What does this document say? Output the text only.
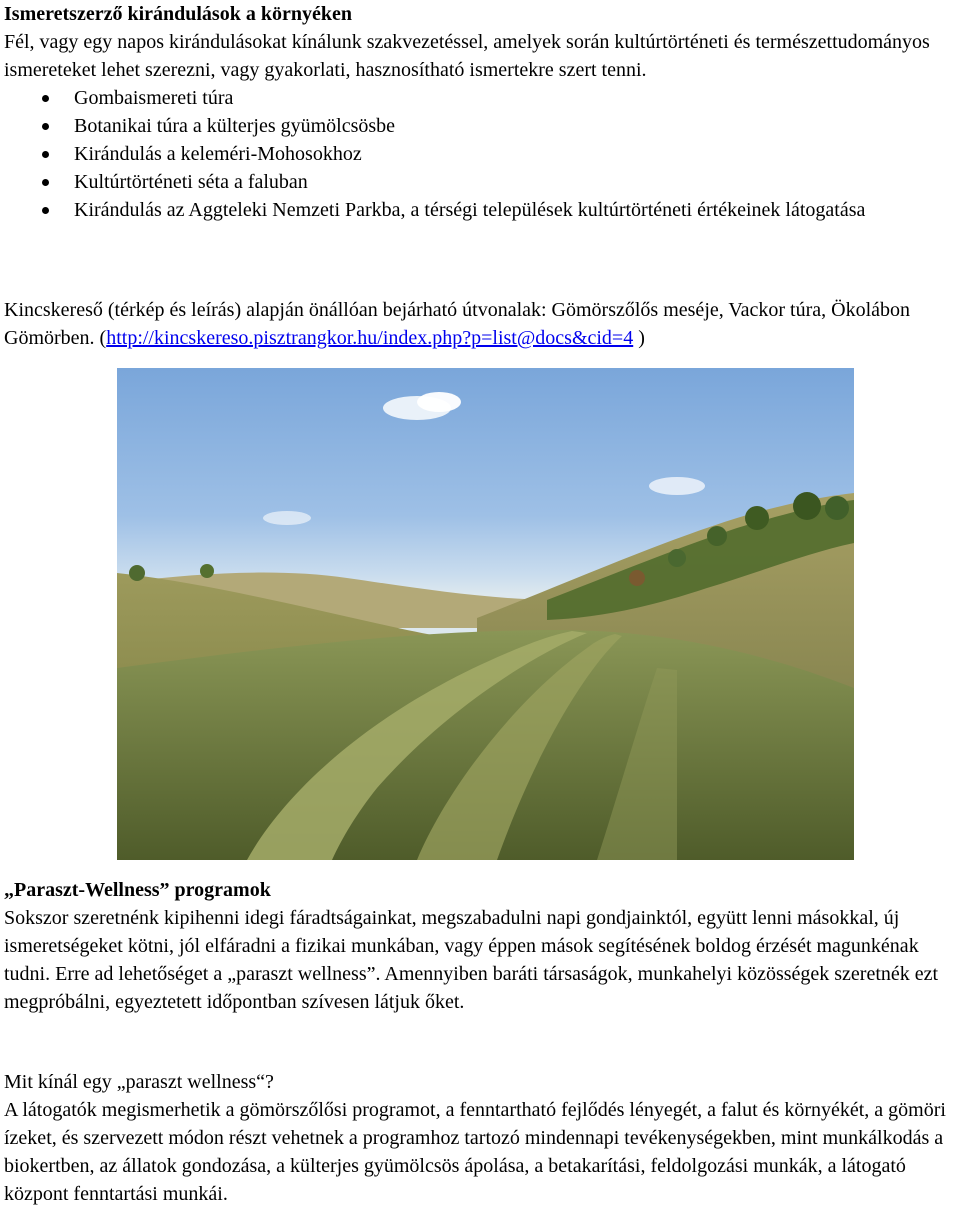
Ismeretszerző kirándulások a környéken

Fél, vagy egy napos kirándulásokat kínálunk szakvezetéssel, amelyek során kultúrtörténeti és természettudományos ismereteket lehet szerezni, vagy gyakorlati, hasznosítható ismertekre szert tenni.

Gombaismereti túra
Botanikai túra a külterjes gyümölcsösbe
Kirándulás a keleméri-Mohosokhoz
Kultúrtörténeti séta a faluban
Kirándulás az Aggteleki Nemzeti Parkba, a térségi települések kultúrtörténeti értékeinek látogatása

Kincskereső (térkép és leírás) alapján önállóan bejárható útvonalak: Gömörszőlős meséje, Vackor túra, Ökolábon Gömörben. (http://kincskereso.pisztrangkor.hu/index.php?p=list@docs&cid=4 )

„Paraszt-Wellness” programok

Sokszor szeretnénk kipihenni idegi fáradtságainkat, megszabadulni napi gondjainktól, együtt lenni másokkal, új ismeretségeket kötni, jól elfáradni a fizikai munkában, vagy éppen mások segítésének boldog érzését magunkénak tudni. Erre ad lehetőséget a „paraszt wellness”. Amennyiben baráti társaságok, munkahelyi közösségek szeretnék ezt megpróbálni, egyeztetett időpontban szívesen látjuk őket.

Mit kínál egy „paraszt wellness“?

A látogatók megismerhetik a gömörszőlősi programot, a fenntartható fejlődés lényegét, a falut és környékét, a gömöri ízeket, és szervezett módon részt vehetnek a programhoz tartozó mindennapi tevékenységekben, mint munkálkodás a biokertben, az állatok gondozása, a külterjes gyümölcsös ápolása, a betakarítási, feldolgozási munkák, a látogató központ fenntartási munkái.
